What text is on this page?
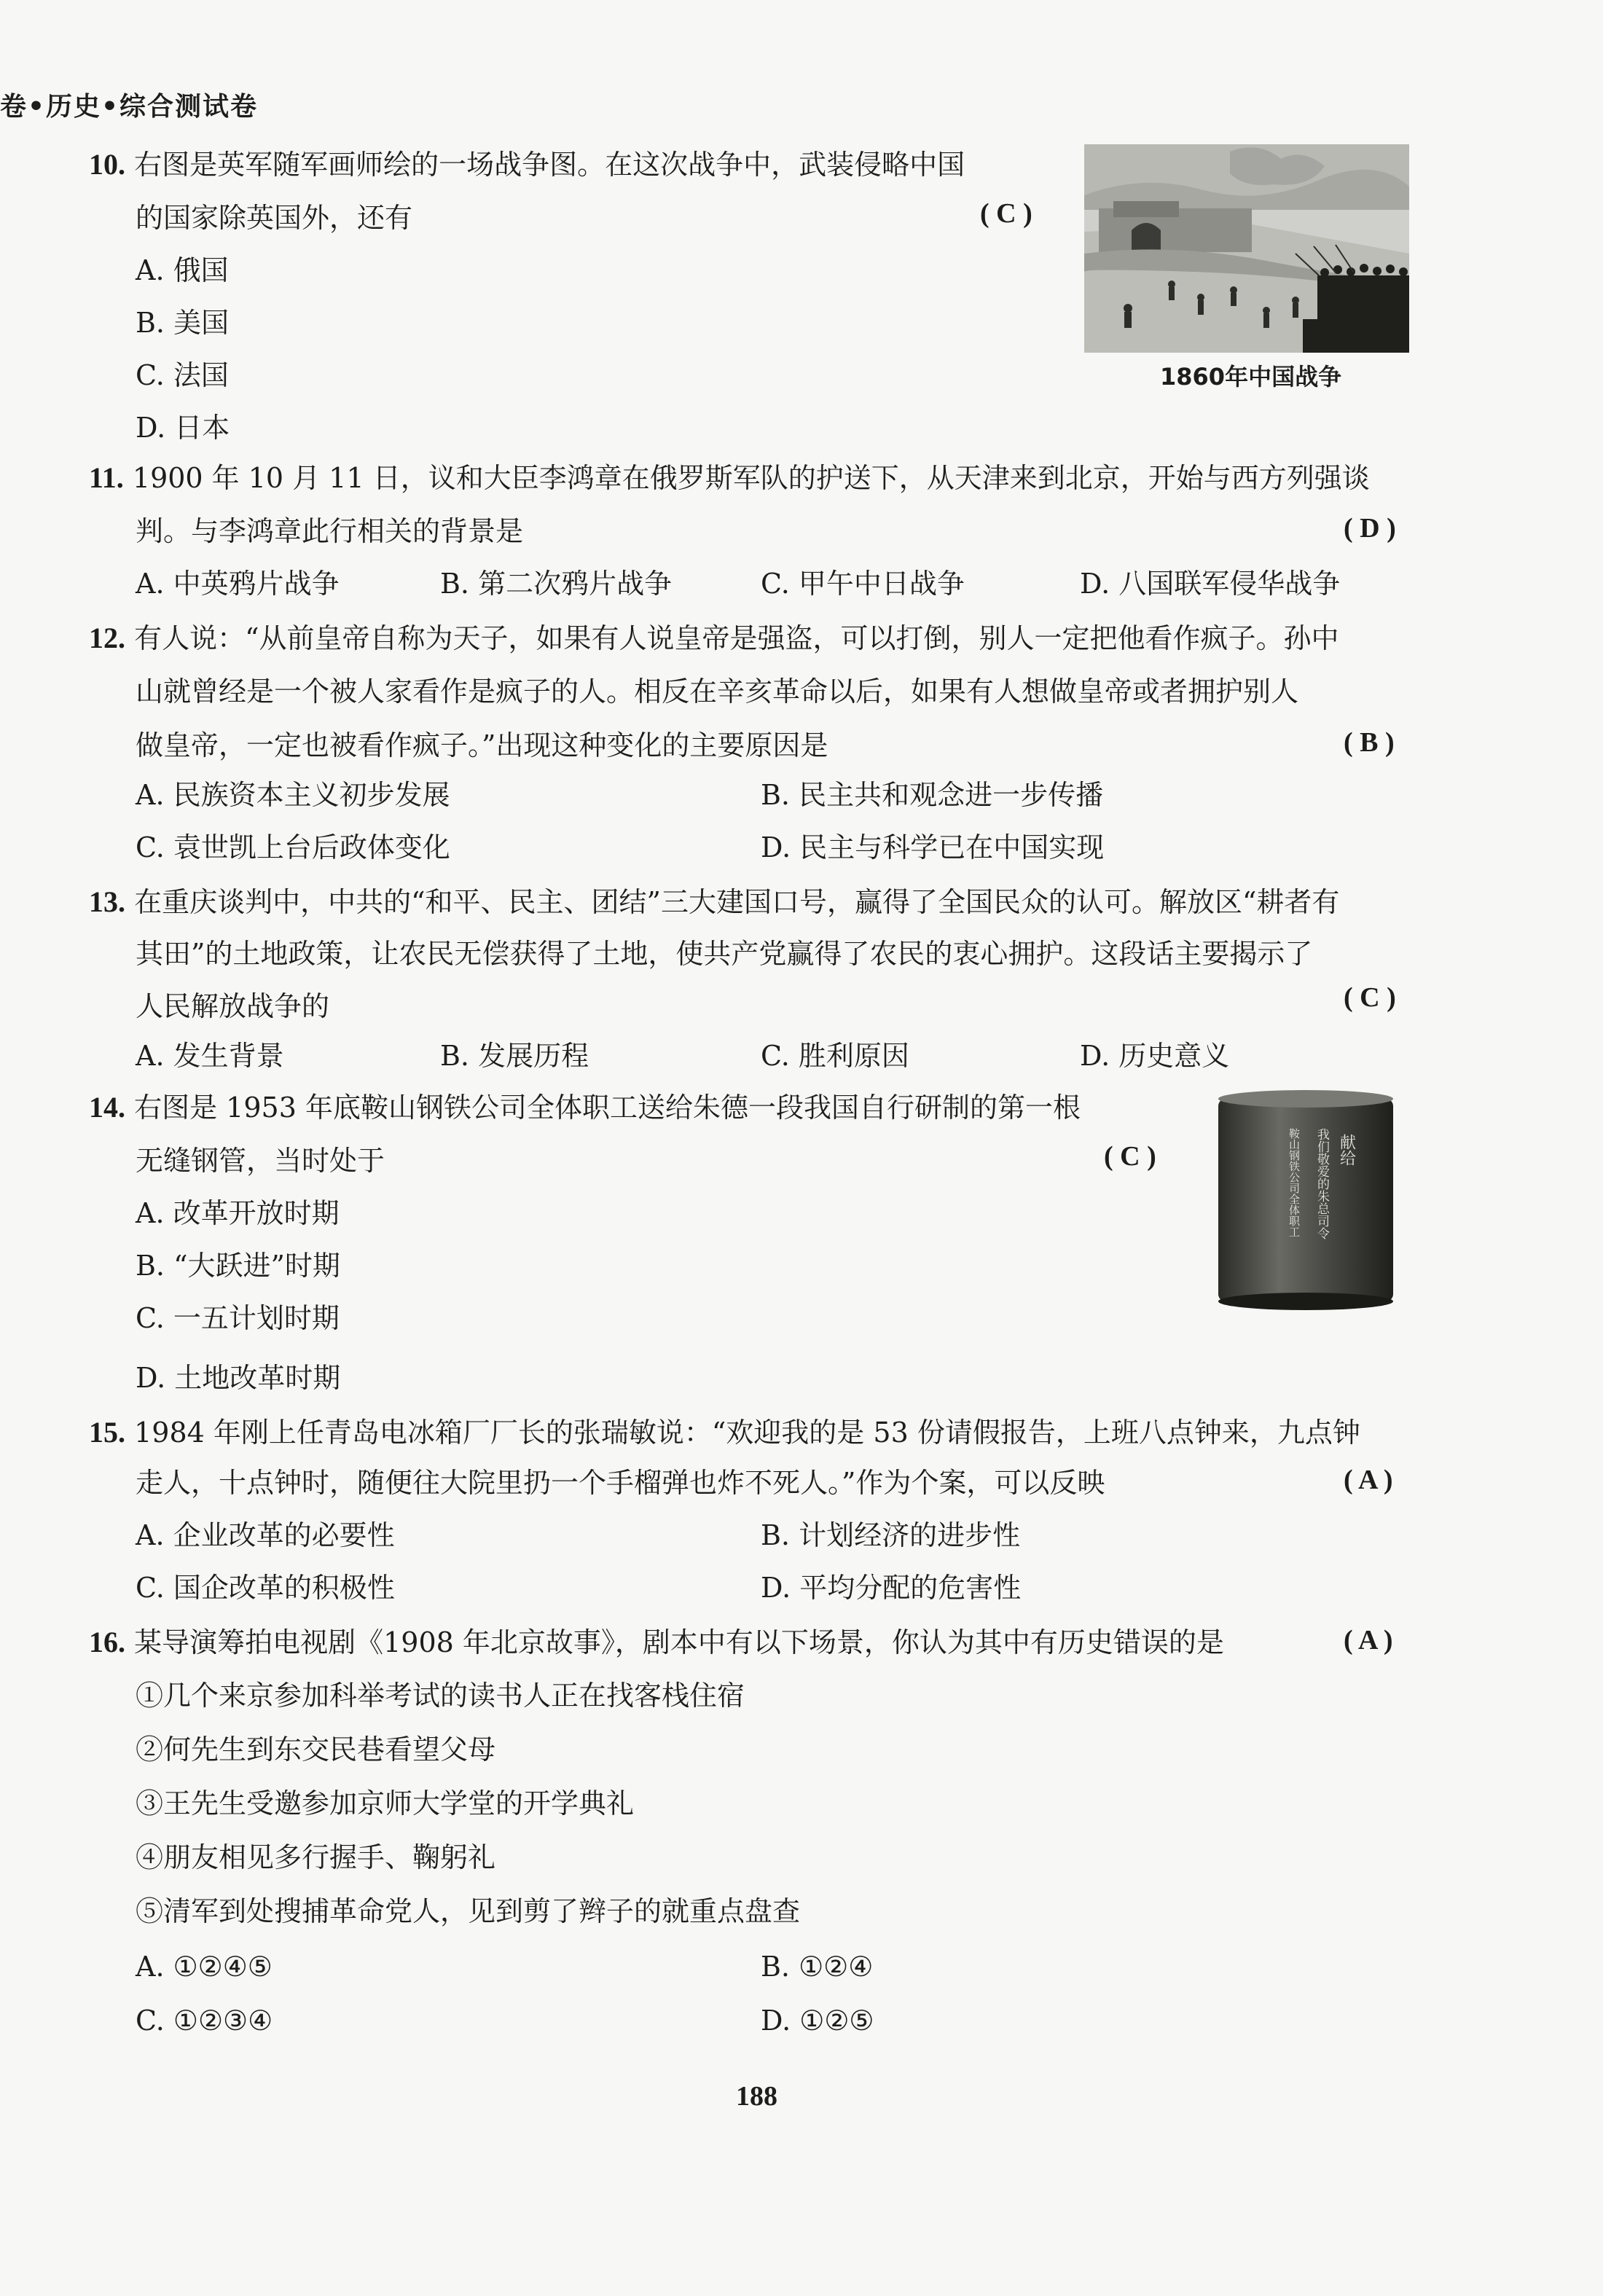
卷•历史•综合测试卷
10. 右图是英军随军画师绘的一场战争图。在这次战争中，武装侵略中国
的国家除英国外，还有	( C )
A. 俄国
B. 美国
C. 法国
D. 日本
1860年中国战争
11. 1900 年 10 月 11 日，议和大臣李鸿章在俄罗斯军队的护送下，从天津来到北京，开始与西方列强谈
判。与李鸿章此行相关的背景是	( D )
A. 中英鸦片战争	B. 第二次鸦片战争	C. 甲午中日战争	D. 八国联军侵华战争
12. 有人说：“从前皇帝自称为天子，如果有人说皇帝是强盗，可以打倒，别人一定把他看作疯子。孙中
山就曾经是一个被人家看作是疯子的人。相反在辛亥革命以后，如果有人想做皇帝或者拥护别人
做皇帝，一定也被看作疯子。”出现这种变化的主要原因是	( B )
A. 民族资本主义初步发展	B. 民主共和观念进一步传播
C. 袁世凯上台后政体变化	D. 民主与科学已在中国实现
13. 在重庆谈判中，中共的“和平、民主、团结”三大建国口号，赢得了全国民众的认可。解放区“耕者有
其田”的土地政策，让农民无偿获得了土地，使共产党赢得了农民的衷心拥护。这段话主要揭示了
人民解放战争的	( C )
A. 发生背景	B. 发展历程	C. 胜利原因	D. 历史意义
14. 右图是 1953 年底鞍山钢铁公司全体职工送给朱德一段我国自行研制的第一根
无缝钢管，当时处于	( C )
A. 改革开放时期
B. “大跃进”时期
C. 一五计划时期
D. 土地改革时期
献给
我们敬爱的朱总司令
鞍山钢铁公司全体职工
15. 1984 年刚上任青岛电冰箱厂厂长的张瑞敏说：“欢迎我的是 53 份请假报告，上班八点钟来，九点钟
走人，十点钟时，随便往大院里扔一个手榴弹也炸不死人。”作为个案，可以反映	( A )
A. 企业改革的必要性	B. 计划经济的进步性
C. 国企改革的积极性	D. 平均分配的危害性
16. 某导演筹拍电视剧《1908 年北京故事》，剧本中有以下场景，你认为其中有历史错误的是	( A )
①几个来京参加科举考试的读书人正在找客栈住宿
②何先生到东交民巷看望父母
③王先生受邀参加京师大学堂的开学典礼
④朋友相见多行握手、鞠躬礼
⑤清军到处搜捕革命党人，见到剪了辫子的就重点盘查
A. ①②④⑤	B. ①②④
C. ①②③④	D. ①②⑤
188
